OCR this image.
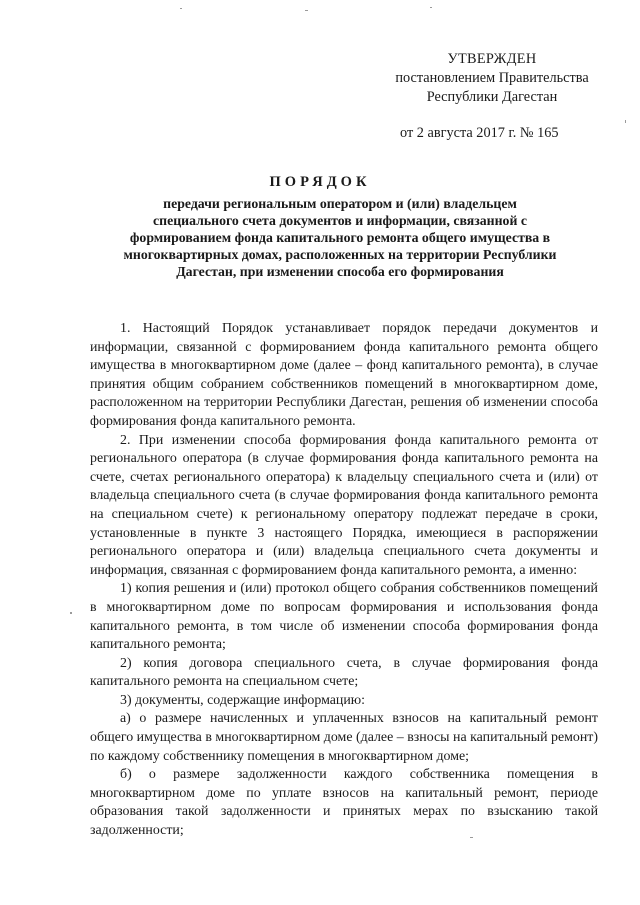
УТВЕРЖДЕН
постановлением Правительства
Республики Дагестан
от 2 августа 2017 г. № 165
ПОРЯДОК
передачи региональным оператором и (или) владельцем специального счета документов и информации, связанной с формированием фонда капитального ремонта общего имущества в многоквартирных домах, расположенных на территории Республики Дагестан, при изменении способа его формирования

1. Настоящий Порядок устанавливает порядок передачи документов и информации, связанной с формированием фонда капитального ремонта общего имущества в многоквартирном доме (далее – фонд капитального ремонта), в случае принятия общим собранием собственников помещений в многоквартирном доме, расположенном на территории Республики Дагестан, решения об изменении способа формирования фонда капитального ремонта.

2. При изменении способа формирования фонда капитального ремонта от регионального оператора (в случае формирования фонда капитального ремонта на счете, счетах регионального оператора) к владельцу специального счета и (или) от владельца специального счета (в случае формирования фонда капитального ремонта на специальном счете) к региональному оператору подлежат передаче в сроки, установленные в пункте 3 настоящего Порядка, имеющиеся в распоряжении регионального оператора и (или) владельца специального счета документы и информация, связанная с формированием фонда капитального ремонта, а именно:

1) копия решения и (или) протокол общего собрания собственников помещений в многоквартирном доме по вопросам формирования и использования фонда капитального ремонта, в том числе об изменении способа формирования фонда капитального ремонта;

2) копия договора специального счета, в случае формирования фонда капитального ремонта на специальном счете;

3) документы, содержащие информацию:

а) о размере начисленных и уплаченных взносов на капитальный ремонт общего имущества в многоквартирном доме (далее – взносы на капитальный ремонт) по каждому собственнику помещения в многоквартирном доме;

б) о размере задолженности каждого собственника помещения в многоквартирном доме по уплате взносов на капитальный ремонт, периоде образования такой задолженности и принятых мерах по взысканию такой задолженности;
